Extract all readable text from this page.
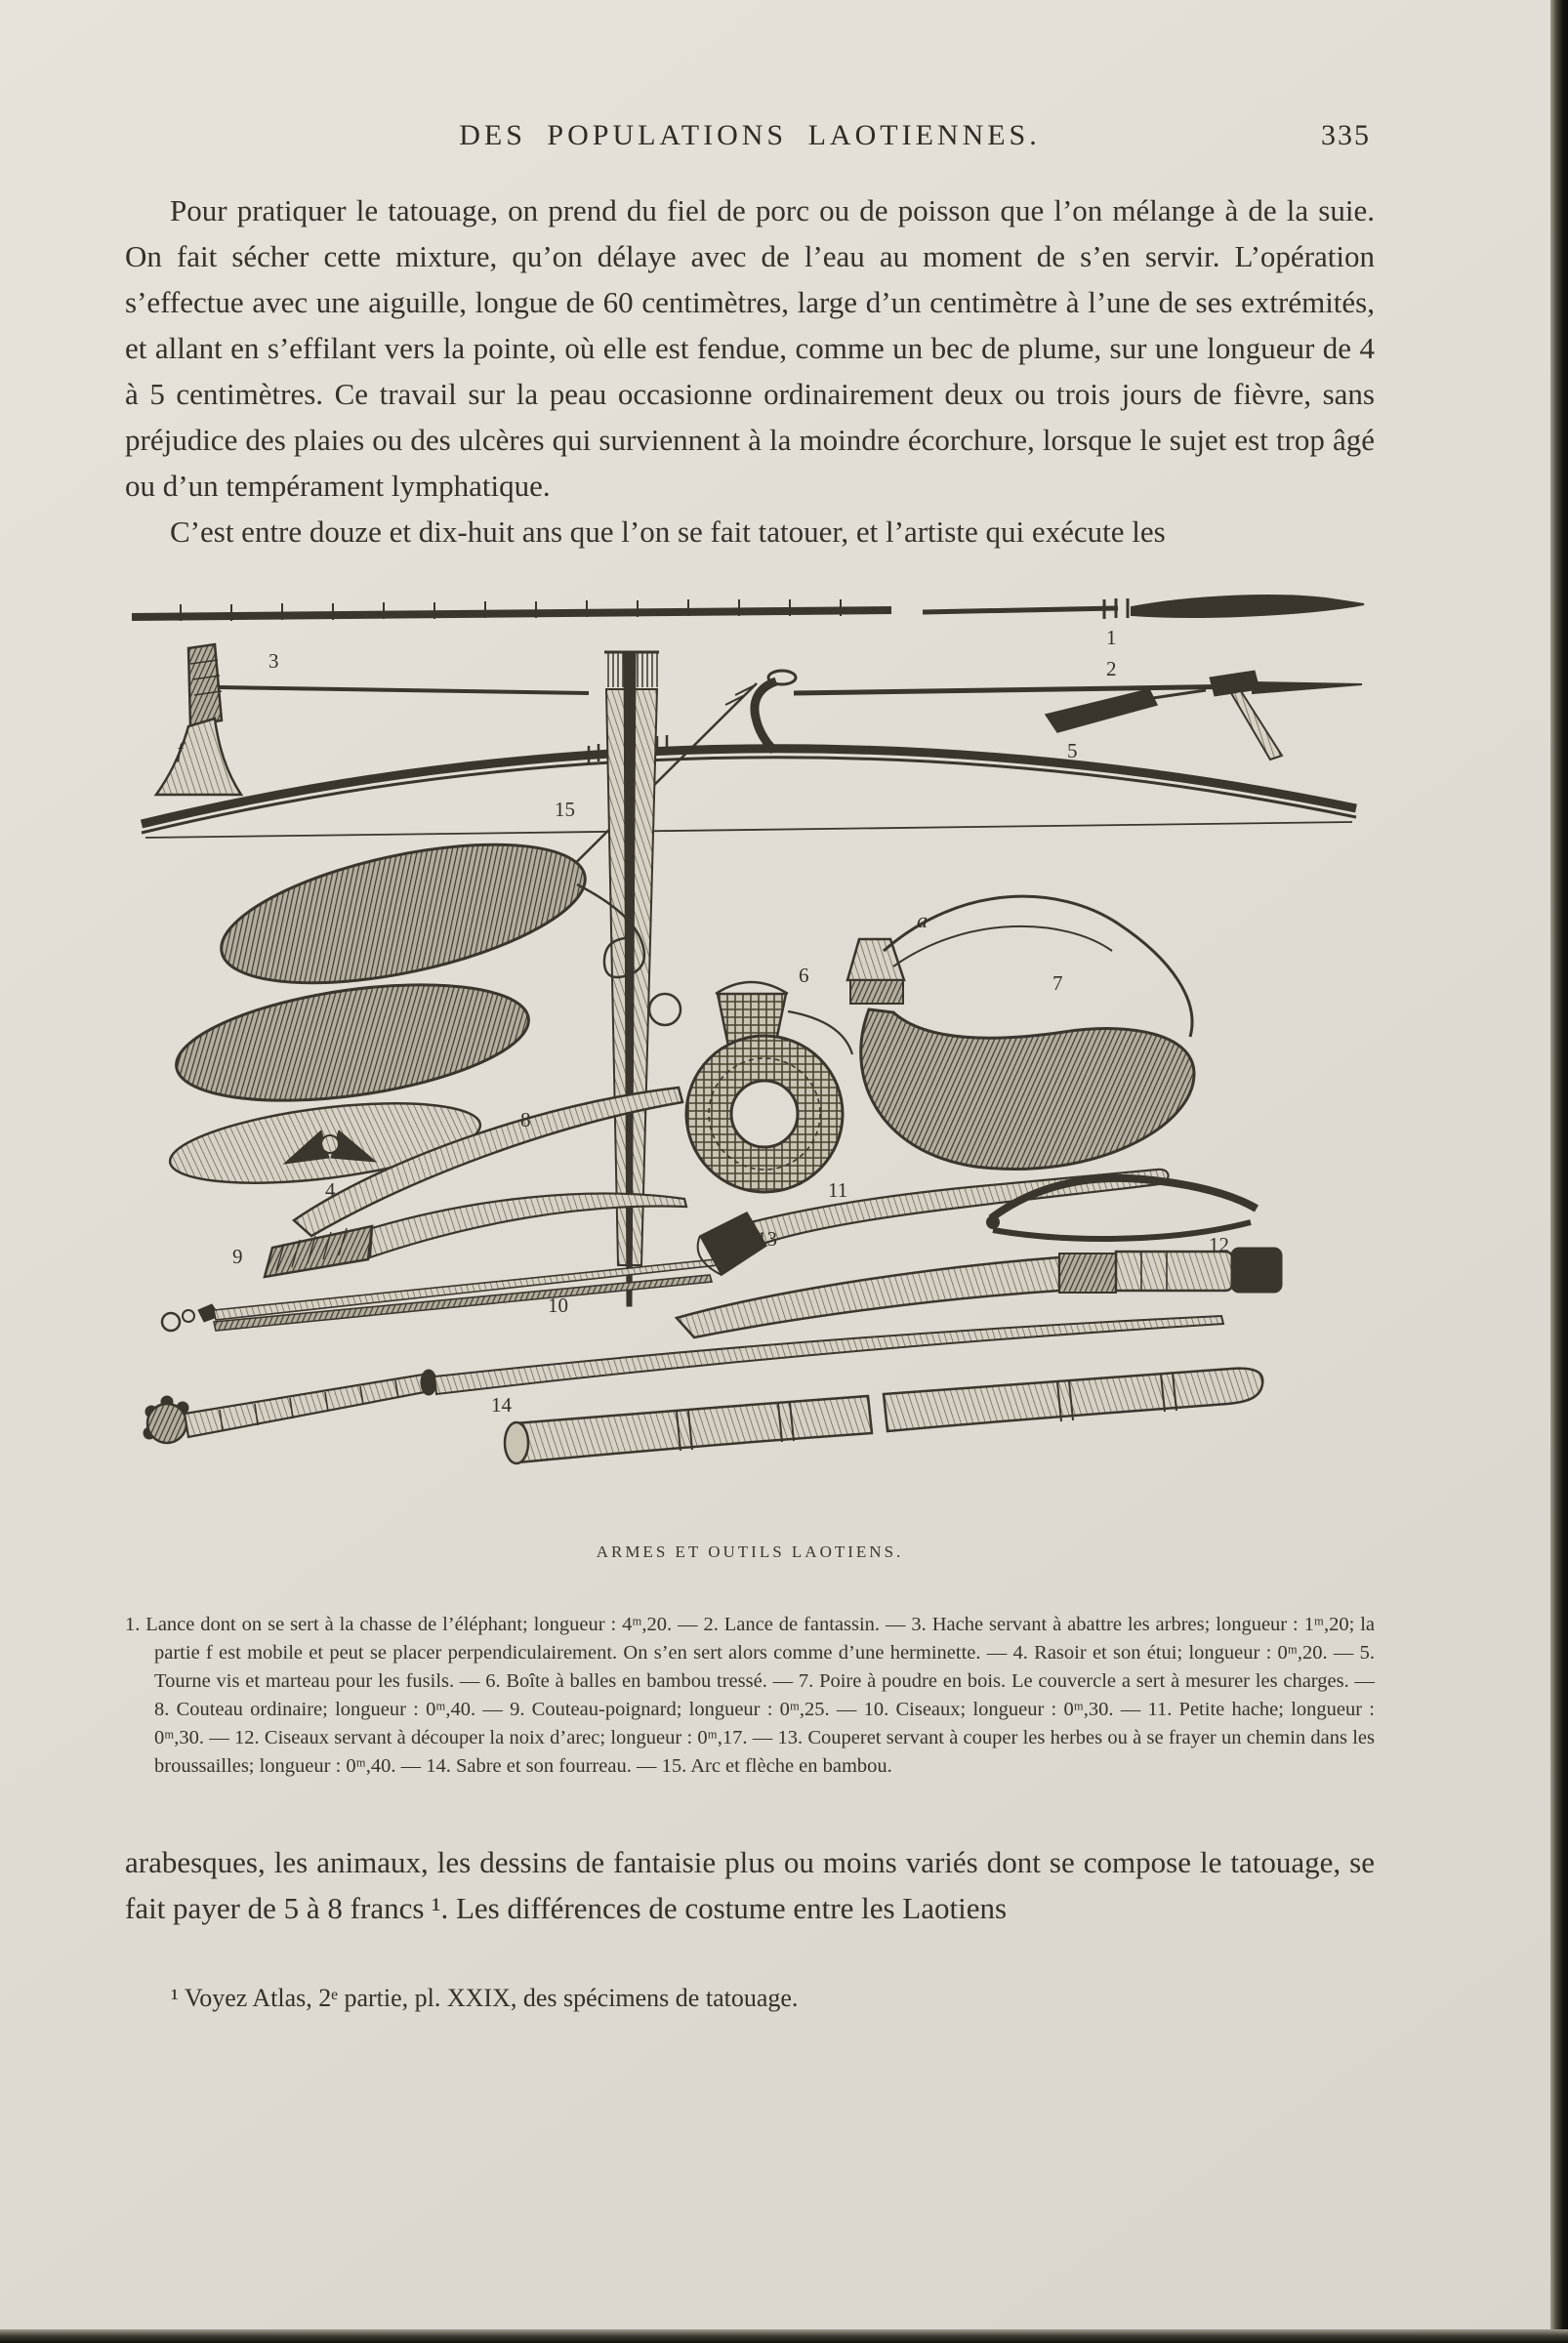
DES POPULATIONS LAOTIENNES.	335

Pour pratiquer le tatouage, on prend du fiel de porc ou de poisson que l’on mélange à de la suie. On fait sécher cette mixture, qu’on délaye avec de l’eau au moment de s’en servir. L’opération s’effectue avec une aiguille, longue de 60 centimètres, large d’un centimètre à l’une de ses extrémités, et allant en s’effilant vers la pointe, où elle est fendue, comme un bec de plume, sur une longueur de 4 à 5 centimètres. Ce travail sur la peau occasionne ordinairement deux ou trois jours de fièvre, sans préjudice des plaies ou des ulcères qui surviennent à la moindre écorchure, lorsque le sujet est trop âgé ou d’un tempérament lymphatique.

C’est entre douze et dix-huit ans que l’on se fait tatouer, et l’artiste qui exécute les

1
2
3
f	5
15
6
a
7
8
4
9
10
11
12
13
14
ARMES ET OUTILS LAOTIENS.

1. Lance dont on se sert à la chasse de l’éléphant; longueur : 4ᵐ,20. — 2. Lance de fantassin. — 3. Hache servant à abattre les arbres; longueur : 1ᵐ,20; la partie f est mobile et peut se placer perpendiculairement. On s’en sert alors comme d’une herminette. — 4. Rasoir et son étui; longueur : 0ᵐ,20. — 5. Tourne vis et marteau pour les fusils. — 6. Boîte à balles en bambou tressé. — 7. Poire à poudre en bois. Le couvercle a sert à mesurer les charges. — 8. Couteau ordinaire; longueur : 0ᵐ,40. — 9. Couteau-poignard; longueur : 0ᵐ,25. — 10. Ciseaux; longueur : 0ᵐ,30. — 11. Petite hache; longueur : 0ᵐ,30. — 12. Ciseaux servant à découper la noix d’arec; longueur : 0ᵐ,17. — 13. Couperet servant à couper les herbes ou à se frayer un chemin dans les broussailles; longueur : 0ᵐ,40. — 14. Sabre et son fourreau. — 15. Arc et flèche en bambou.

arabesques, les animaux, les dessins de fantaisie plus ou moins variés dont se compose le tatouage, se fait payer de 5 à 8 francs ¹. Les différences de costume entre les Laotiens

¹ Voyez Atlas, 2ᵉ partie, pl. XXIX, des spécimens de tatouage.
